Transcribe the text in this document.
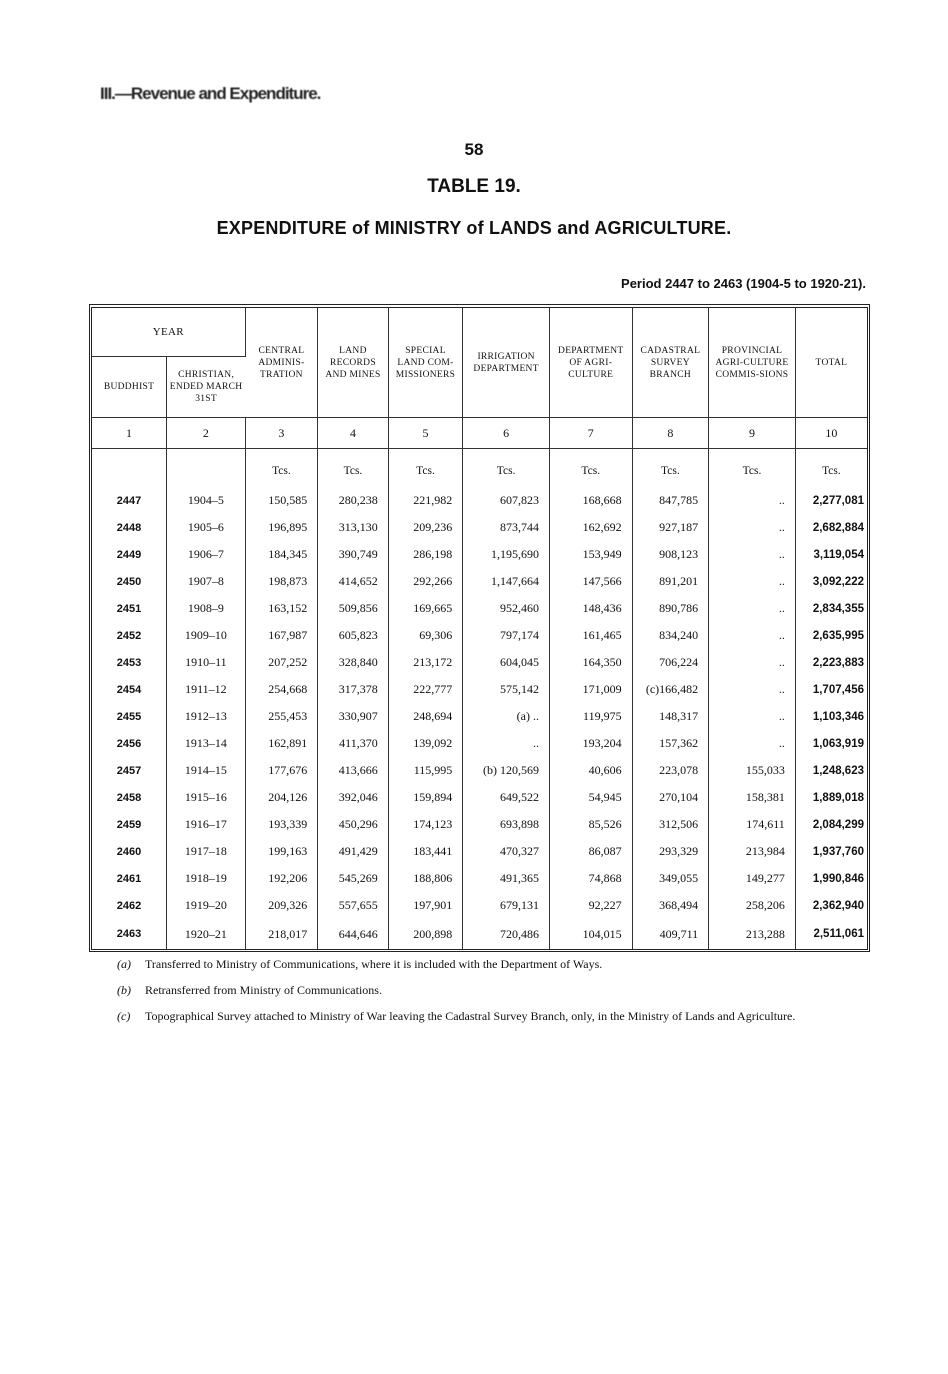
III.—Revenue and Expenditure.
58
TABLE 19.
EXPENDITURE of MINISTRY of LANDS and AGRICULTURE.
Period 2447 to 2463 (1904-5 to 1920-21).
YEAR		CENTRAL ADMINIS-TRATION	LAND RECORDS AND MINES	SPECIAL LAND COM-MISSIONERS	IRRIGATION DEPARTMENT	DEPARTMENT OF AGRI-CULTURE	CADASTRAL SURVEY BRANCH	PROVINCIAL AGRI-CULTURE COMMIS-SIONS	TOTAL
BUDDHIST	CHRISTIAN, ENDED MARCH 31ST								
1	2	3	4	5	6	7	8	9	10
		Tcs.	Tcs.	Tcs.	Tcs.	Tcs.	Tcs.	Tcs.	Tcs.
2447	1904–5	150,585	280,238	221,982	607,823	168,668	847,785	..	2,277,081
2448	1905–6	196,895	313,130	209,236	873,744	162,692	927,187	..	2,682,884
2449	1906–7	184,345	390,749	286,198	1,195,690	153,949	908,123	..	3,119,054
2450	1907–8	198,873	414,652	292,266	1,147,664	147,566	891,201	..	3,092,222
2451	1908–9	163,152	509,856	169,665	952,460	148,436	890,786	..	2,834,355
2452	1909–10	167,987	605,823	69,306	797,174	161,465	834,240	..	2,635,995
2453	1910–11	207,252	328,840	213,172	604,045	164,350	706,224	..	2,223,883
2454	1911–12	254,668	317,378	222,777	575,142	171,009	(c)166,482	..	1,707,456
2455	1912–13	255,453	330,907	248,694	(a) ..	119,975	148,317	..	1,103,346
2456	1913–14	162,891	411,370	139,092	..	193,204	157,362	..	1,063,919
2457	1914–15	177,676	413,666	115,995	(b) 120,569	40,606	223,078	155,033	1,248,623
2458	1915–16	204,126	392,046	159,894	649,522	54,945	270,104	158,381	1,889,018
2459	1916–17	193,339	450,296	174,123	693,898	85,526	312,506	174,611	2,084,299
2460	1917–18	199,163	491,429	183,441	470,327	86,087	293,329	213,984	1,937,760
2461	1918–19	192,206	545,269	188,806	491,365	74,868	349,055	149,277	1,990,846
2462	1919–20	209,326	557,655	197,901	679,131	92,227	368,494	258,206	2,362,940
2463	1920–21	218,017	644,646	200,898	720,486	104,015	409,711	213,288	2,511,061
(a)	Transferred to Ministry of Communications, where it is included with the Department of Ways.
(b)	Retransferred from Ministry of Communications.
(c)	Topographical Survey attached to Ministry of War leaving the Cadastral Survey Branch, only, in the Ministry of Lands and Agriculture.
